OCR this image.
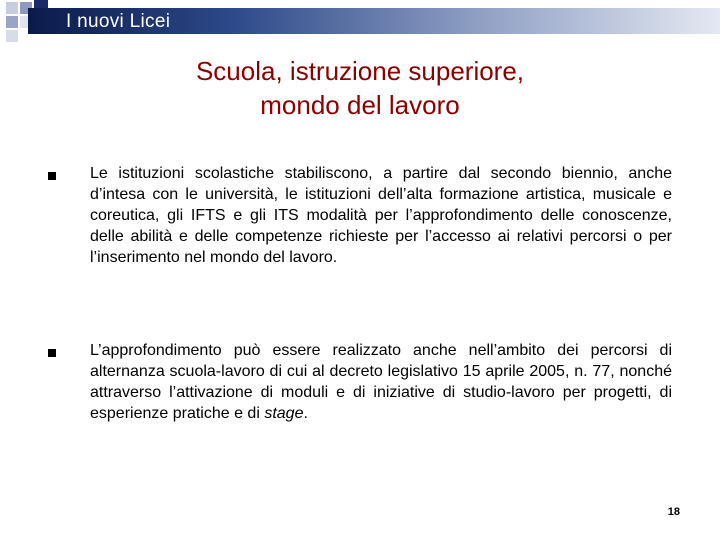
I nuovi Licei
Scuola, istruzione superiore,
mondo del lavoro
Le istituzioni scolastiche stabiliscono, a partire dal secondo biennio, anche d’intesa con le università, le istituzioni dell’alta formazione artistica, musicale e coreutica, gli IFTS e gli ITS modalità per l’approfondimento delle conoscenze, delle abilità e delle competenze richieste per l’accesso ai relativi percorsi o per l’inserimento nel mondo del lavoro.
L’approfondimento può essere realizzato anche nell’ambito dei percorsi di alternanza scuola-lavoro di cui al decreto legislativo 15 aprile 2005, n. 77, nonché attraverso l’attivazione di moduli e di iniziative di studio-lavoro per progetti, di esperienze pratiche e di stage.
18
